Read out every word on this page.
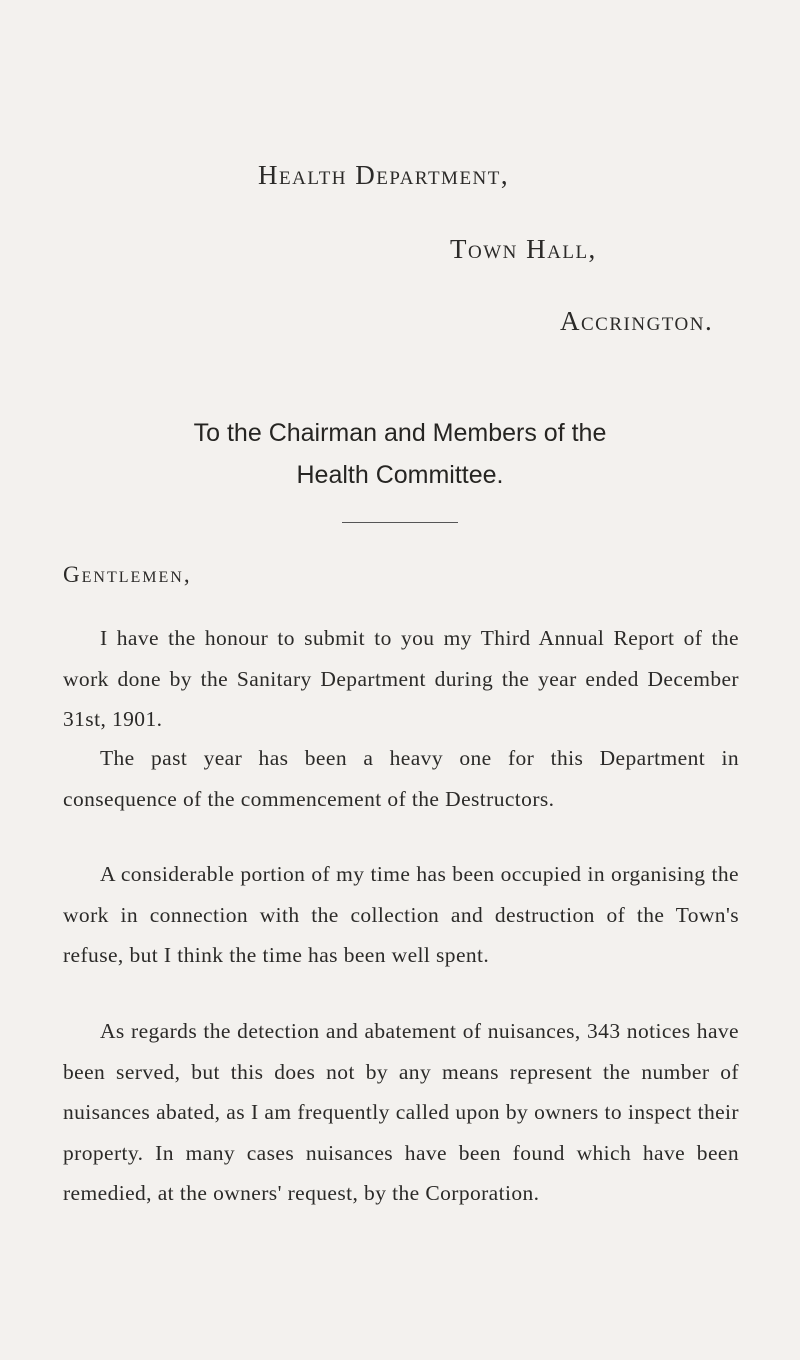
Health Department,
Town Hall,
Accrington.
To the Chairman and Members of the
Health Committee.
Gentlemen,

I have the honour to submit to you my Third Annual Report of the work done by the Sanitary Department during the year ended December 31st, 1901.

The past year has been a heavy one for this Department in consequence of the commencement of the Destructors.

A considerable portion of my time has been occupied in organising the work in connection with the collection and destruction of the Town's refuse, but I think the time has been well spent.

As regards the detection and abatement of nuisances, 343 notices have been served, but this does not by any means represent the number of nuisances abated, as I am frequently called upon by owners to inspect their property. In many cases nuisances have been found which have been remedied, at the owners' request, by the Corporation.
